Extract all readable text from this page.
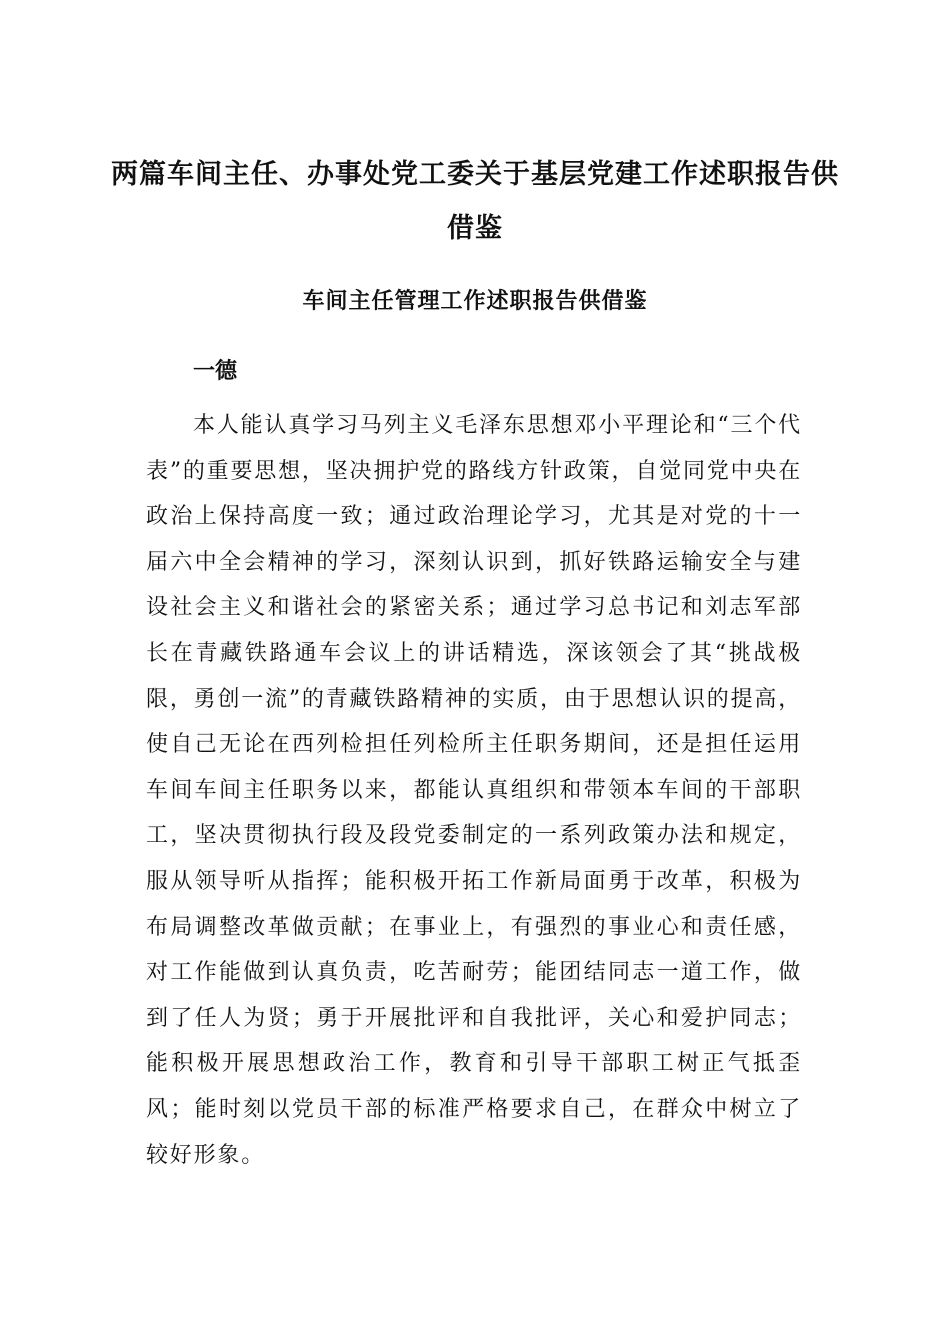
两篇车间主任、办事处党工委关于基层党建工作述职报告供借鉴
车间主任管理工作述职报告供借鉴
一德

本人能认真学习马列主义毛泽东思想邓小平理论和“三个代表”的重要思想，坚决拥护党的路线方针政策，自觉同党中央在政治上保持高度一致；通过政治理论学习，尤其是对党的十一届六中全会精神的学习，深刻认识到，抓好铁路运输安全与建设社会主义和谐社会的紧密关系；通过学习总书记和刘志军部长在青藏铁路通车会议上的讲话精选，深该领会了其“挑战极限，勇创一流”的青藏铁路精神的实质，由于思想认识的提高，使自己无论在西列检担任列检所主任职务期间，还是担任运用车间车间主任职务以来，都能认真组织和带领本车间的干部职工，坚决贯彻执行段及段党委制定的一系列政策办法和规定，服从领导听从指挥；能积极开拓工作新局面勇于改革，积极为布局调整改革做贡献；在事业上，有强烈的事业心和责任感，对工作能做到认真负责，吃苦耐劳；能团结同志一道工作，做到了任人为贤；勇于开展批评和自我批评，关心和爱护同志；能积极开展思想政治工作，教育和引导干部职工树正气抵歪风；能时刻以党员干部的标准严格要求自己，在群众中树立了较好形象。
